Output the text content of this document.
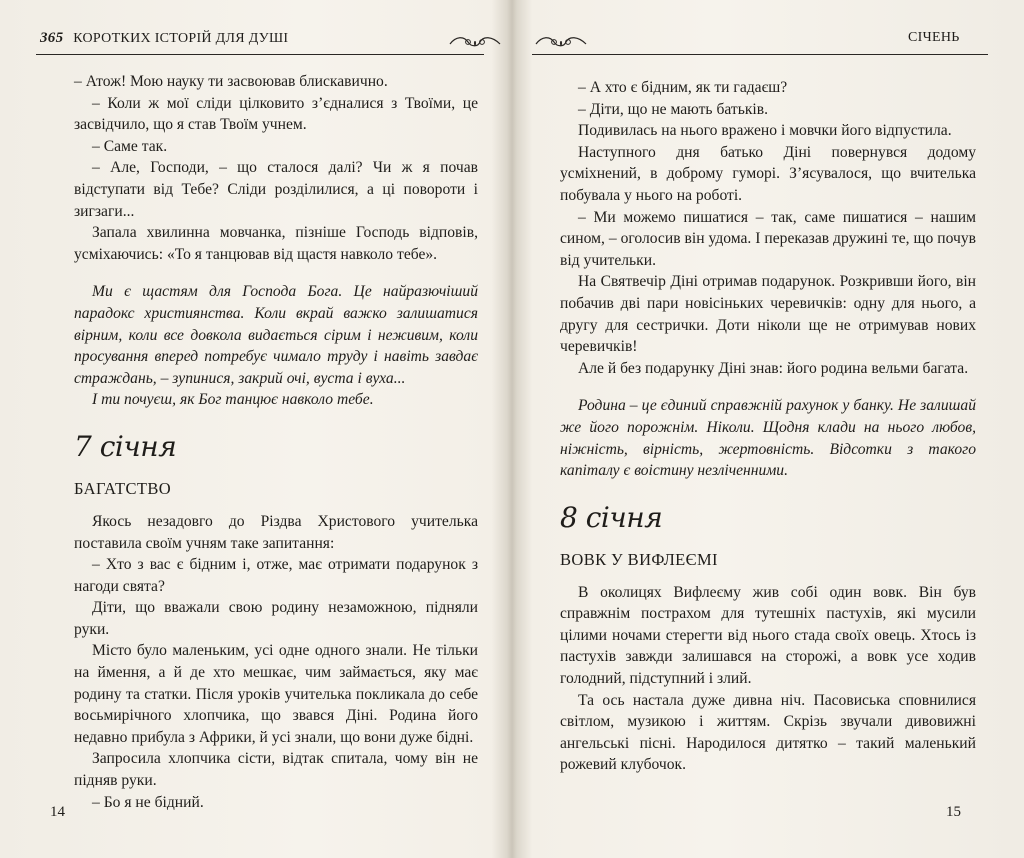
365 КОРОТКИХ ІСТОРІЙ ДЛЯ ДУШІ

– Атож! Мою науку ти засвоював блискавично.

– Коли ж мої сліди цілковито з’єдналися з Твоїми, це засвідчило, що я став Твоїм учнем.

– Саме так.

– Але, Господи, – що сталося далі? Чи ж я почав відступати від Тебе? Сліди розділилися, а ці повороти і зигзаги...

Запала хвилинна мовчанка, пізніше Господь відповів, усміхаючись: «То я танцював від щастя навколо тебе».

Ми є щастям для Господа Бога. Це найразючіший парадокс християнства. Коли вкрай важко залишатися вірним, коли все довкола видається сірим і неживим, коли просування вперед потребує чимало труду і навіть завдає страждань, – зупинися, закрий очі, вуста і вуха...

І ти почуєш, як Бог танцює навколо тебе.

7 січня

БАГАТСТВО

Якось незадовго до Різдва Христового учителька поставила своїм учням таке запитання:

– Хто з вас є бідним і, отже, має отримати подарунок з нагоди свята?

Діти, що вважали свою родину незаможною, підняли руки.

Місто було маленьким, усі одне одного знали. Не тільки на ймення, а й де хто мешкає, чим займається, яку має родину та статки. Після уроків учителька покликала до себе восьмирічного хлопчика, що звався Діні. Родина його недавно прибула з Африки, й усі знали, що вони дуже бідні.

Запросила хлопчика сісти, відтак спитала, чому він не підняв руки.

– Бо я не бідний.

14
СІЧЕНЬ

– А хто є бідним, як ти гадаєш?

– Діти, що не мають батьків.

Подивилась на нього вражено і мовчки його відпустила.

Наступного дня батько Діні повернувся додому усміхнений, в доброму гуморі. З’ясувалося, що вчителька побувала у нього на роботі.

– Ми можемо пишатися – так, саме пишатися – нашим сином, – оголосив він удома. І переказав дружині те, що почув від учительки.

На Святвечір Діні отримав подарунок. Розкривши його, він побачив дві пари новісіньких черевичків: одну для нього, а другу для сестрички. Доти ніколи ще не отримував нових черевичків!

Але й без подарунку Діні знав: його родина вельми багата.

Родина – це єдиний справжній рахунок у банку. Не залишай же його порожнім. Ніколи. Щодня клади на нього любов, ніжність, вірність, жертовність. Відсотки з такого капіталу є воістину незліченними.

8 січня

ВОВК У ВИФЛЕЄМІ

В околицях Вифлеєму жив собі один вовк. Він був справжнім пострахом для тутешніх пастухів, які мусили цілими ночами стерегти від нього стада своїх овець. Хтось із пастухів завжди залишався на сторожі, а вовк усе ходив голодний, підступний і злий.

Та ось настала дуже дивна ніч. Пасовиська сповнилися світлом, музикою і життям. Скрізь звучали дивовижні ангельські пісні. Народилося дитятко – такий маленький рожевий клубочок.

15
